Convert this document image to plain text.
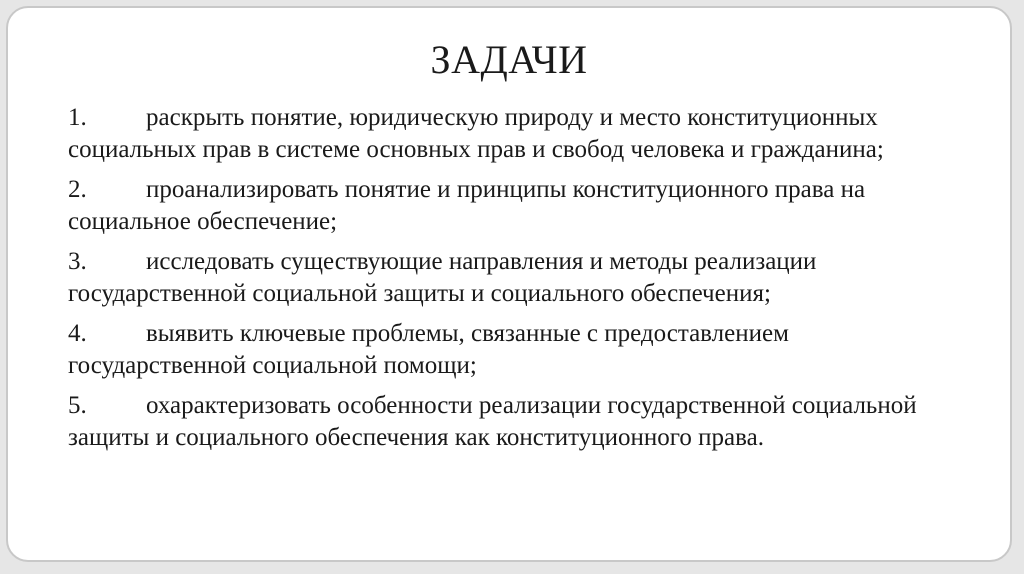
ЗАДАЧИ
1. раскрыть понятие, юридическую природу и место конституционных социальных прав в системе основных прав и свобод человека и гражданина;
2. проанализировать понятие и принципы конституционного права на социальное обеспечение;
3. исследовать существующие направления и методы реализации государственной социальной защиты и социального обеспечения;
4. выявить ключевые проблемы, связанные с предоставлением государственной социальной помощи;
5. охарактеризовать особенности реализации государственной социальной защиты и социального обеспечения как конституционного права.
